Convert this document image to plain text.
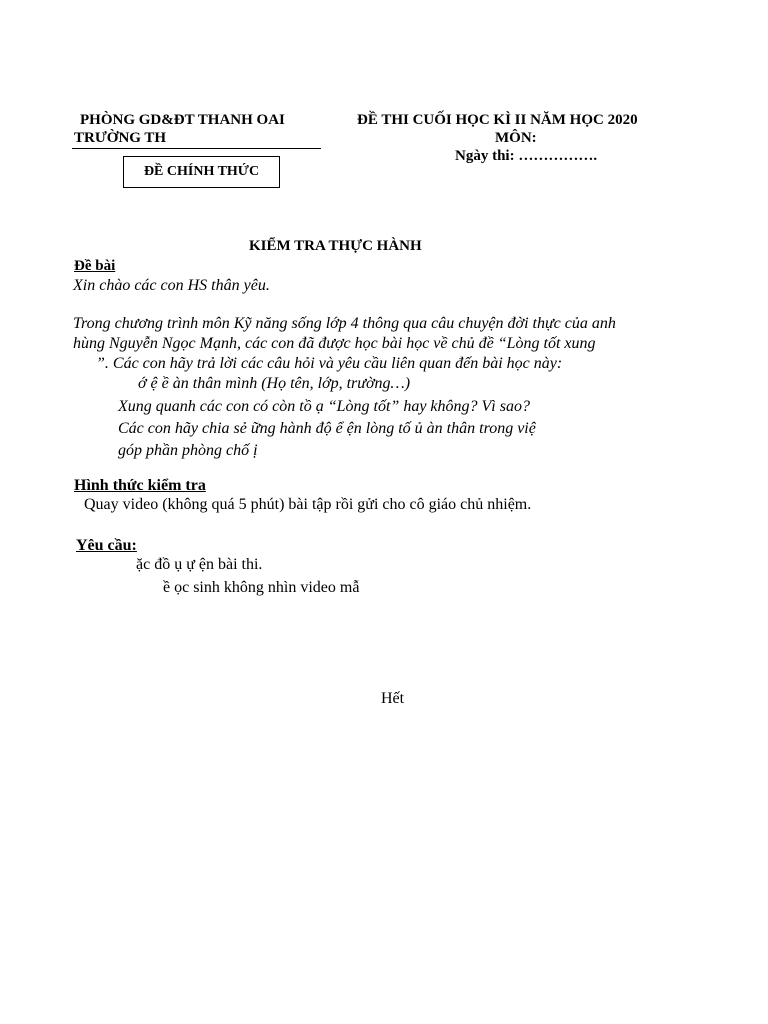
PHÒNG GD&ĐT THANH OAI
TRƯỜNG TH
ĐỀ CHÍNH THỨC
ĐỀ THI CUỐI HỌC KÌ II NĂM HỌC 2020
MÔN:
Ngày thi: …………….
KIỂM TRA THỰC HÀNH
Đề bài
Xin chào các con HS thân yêu.
Trong chương trình môn Kỹ năng sống lớp 4 thông qua câu chuyện đời thực của anh
hùng Nguyễn Ngọc Mạnh, các con đã được học bài học về chủ đề “Lòng tốt xung
”. Các con hãy trả lời các câu hỏi và yêu cầu liên quan đến bài học này:
ớ ệ ề àn thân mình (Họ tên, lớp, trường…)
Xung quanh các con có còn tồ ạ “Lòng tốt” hay không? Vì sao?
Các con hãy chia sẻ ững hành độ ể ện lòng tố ủ àn thân trong việ
góp phần phòng chố ị
Hình thức kiểm tra
Quay video (không quá 5 phút) bài tập rồi gửi cho cô giáo chủ nhiệm.
Yêu cầu:
ặc đồ ụ ự ện bài thi.
ề ọc sinh không nhìn video mẫ
Hết
